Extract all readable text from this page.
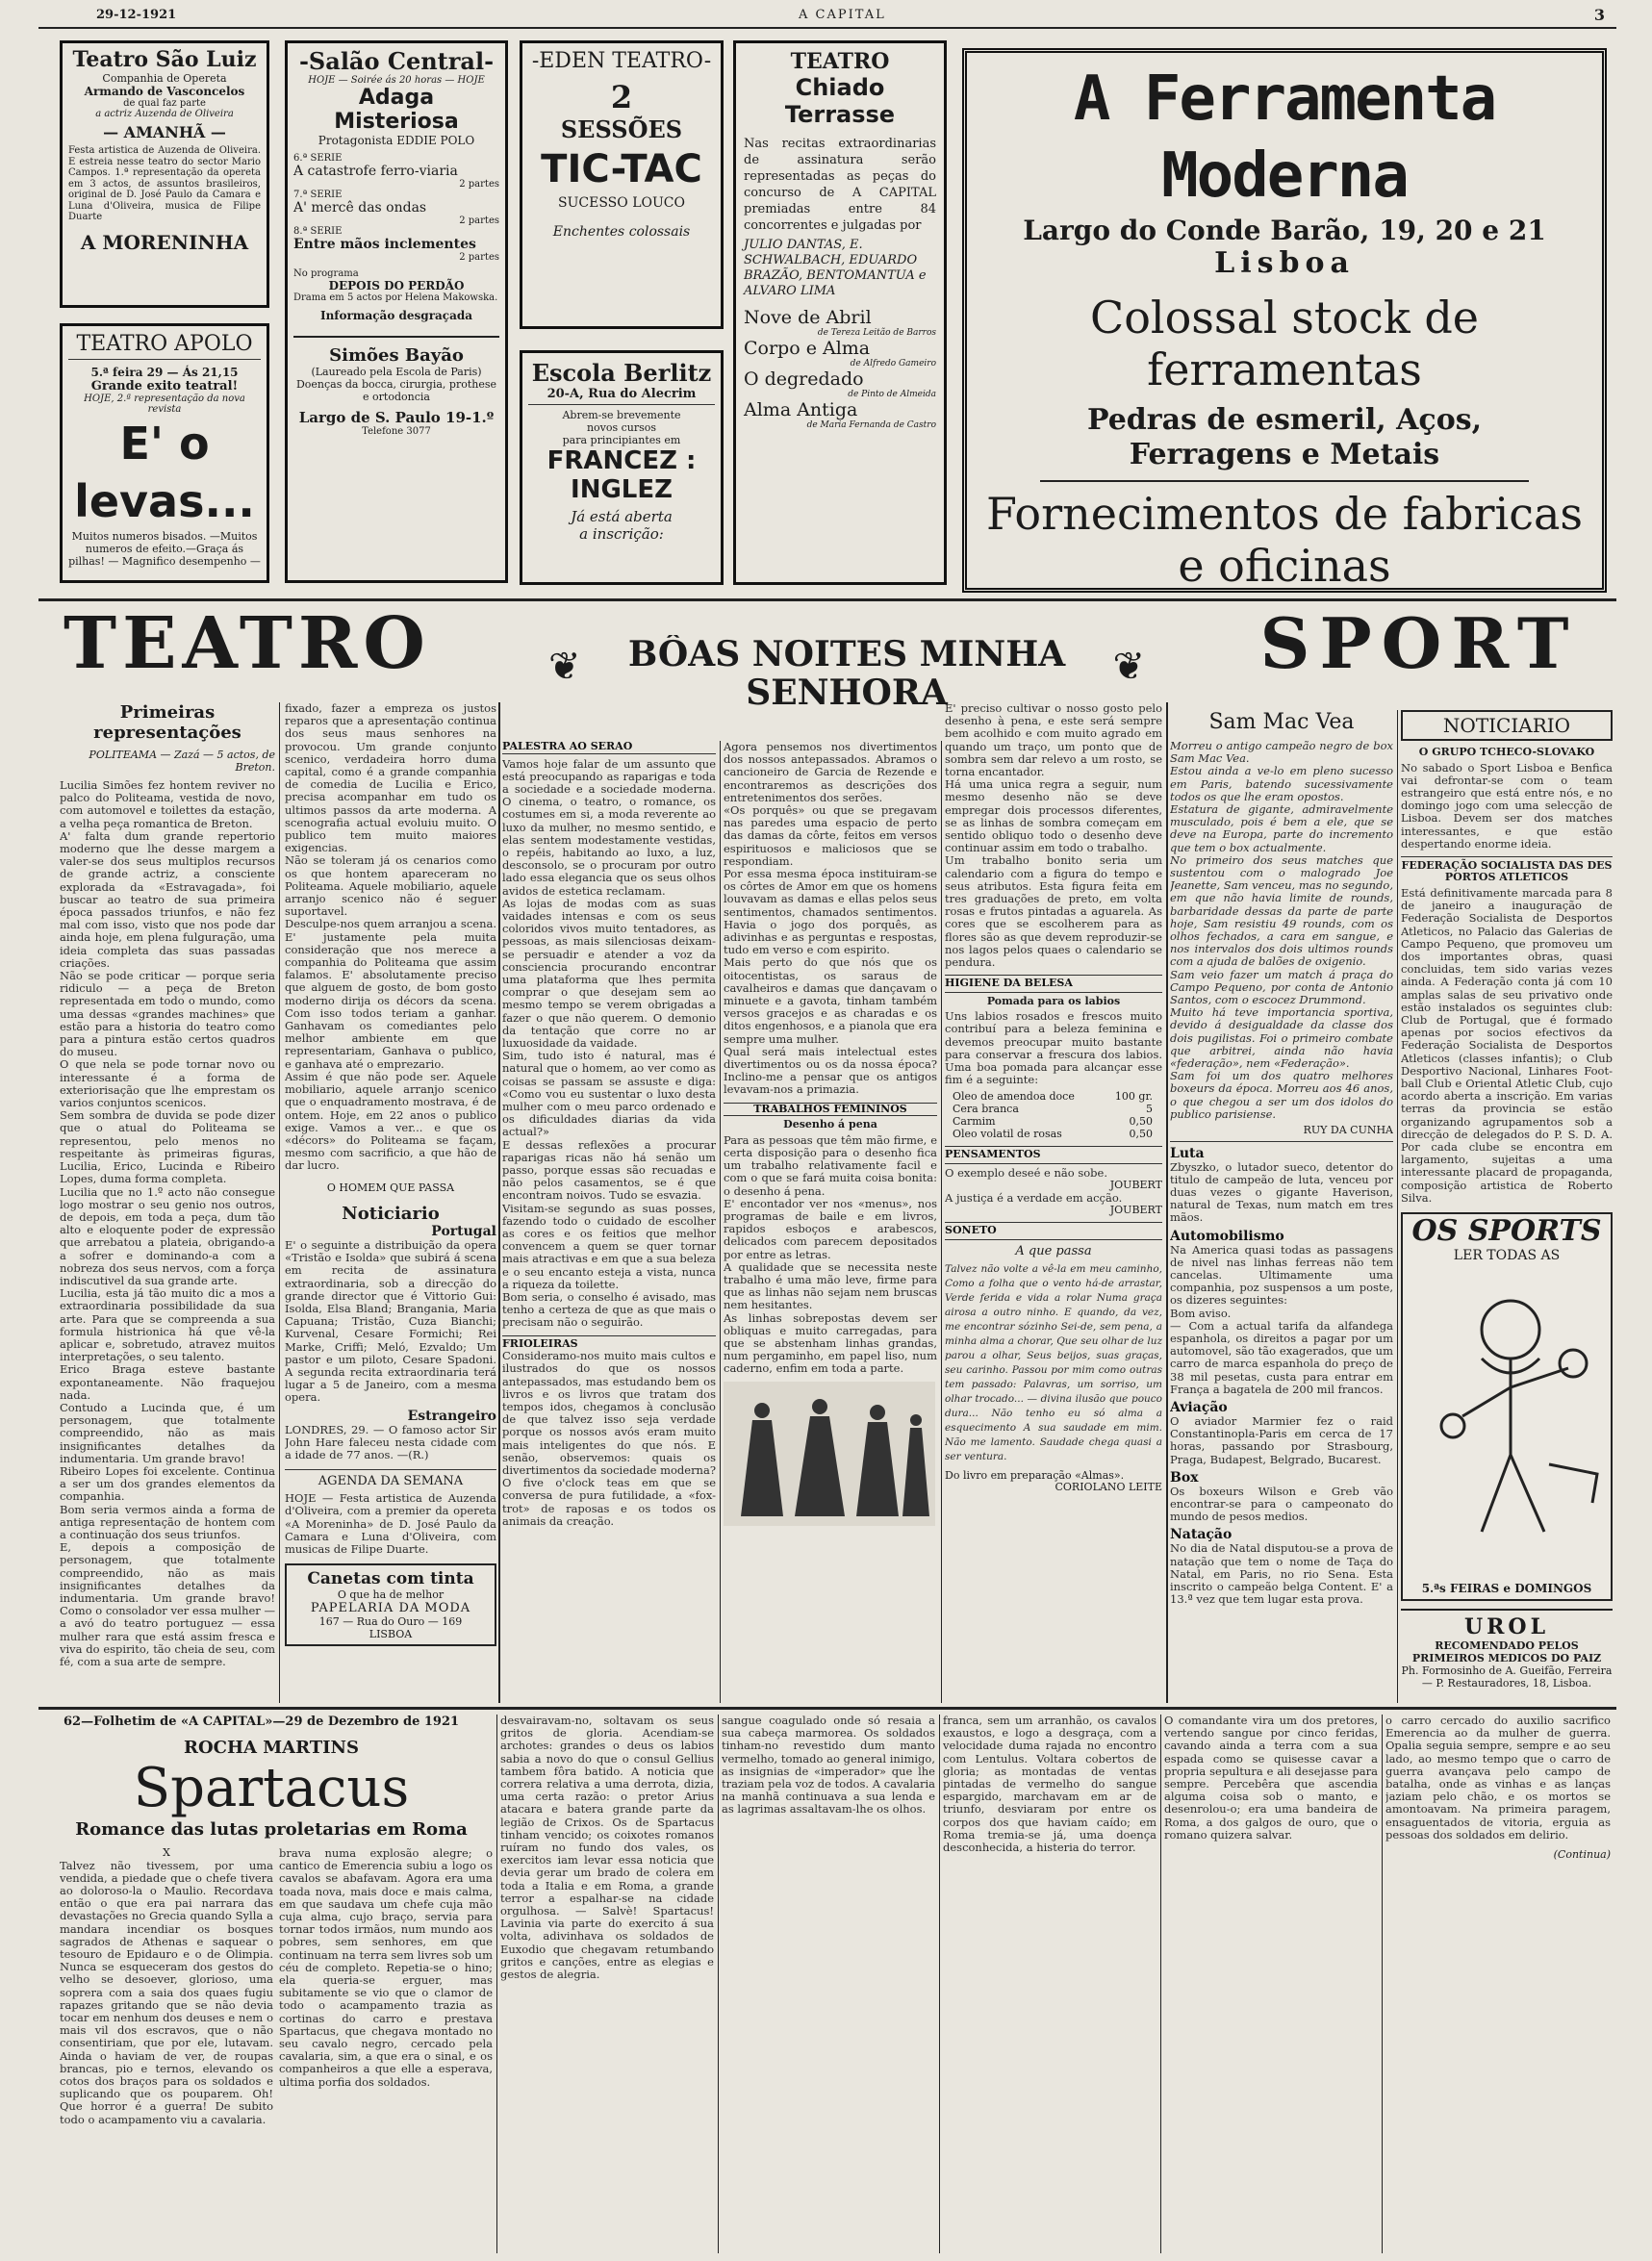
29-12-1921	A CAPITAL	3
Teatro São Luiz
Companhia de Opereta
Armando de Vasconcelos
de qual faz parte
a actriz Auzenda de Oliveira
— AMANHÃ —
Festa artistica de Auzenda de Oliveira. E estreia nesse teatro do sector Mario Campos. 1.ª representação da opereta em 3 actos, de assuntos brasileiros, original de D. José Paulo da Camara e Luna d'Oliveira, musica de Filipe Duarte
A MORENINHA
TEATRO APOLO
5.ª feira 29 — Ás 21,15
Grande exito teatral!
HOJE, 2.ª representação da nova revista
E' o levas...
Muitos numeros bisados. —Muitos numeros de efeito.—Graça ás pilhas! — Magnifico desempenho —
-Salão Central-
HOJE — Soirée ás 20 horas — HOJE
Adaga Misteriosa
Protagonista EDDIE POLO
6.ª SERIE
A catastrofe ferro-viaria
2 partes
7.ª SERIE
A' mercê das ondas
2 partes
8.ª SERIE
Entre mãos inclementes
2 partes
No programa
DEPOIS DO PERDÃO
Drama em 5 actos por Helena Makowska.
Informação desgraçada
Simões Bayão
(Laureado pela Escola de Paris)
Doenças da bocca, cirurgia, prothese e ortodoncia
Largo de S. Paulo 19-1.º
Telefone 3077
-EDEN TEATRO-
2
SESSÕES
TIC-TAC
SUCESSO LOUCO
Enchentes colossais
Escola Berlitz
20-A, Rua do Alecrim
Abrem-se brevemente
novos cursos
para principiantes em
FRANCEZ :
INGLEZ
Já está aberta
a inscrição:
TEATRO
Chiado Terrasse
Nas recitas extraordinarias de assinatura serão representadas as peças do concurso de A CAPITAL premiadas entre 84 concorrentes e julgadas por
JULIO DANTAS, E. SCHWALBACH, EDUARDO BRAZÃO, BENTOMANTUA e ALVARO LIMA
Nove de Abril
de Tereza Leitão de Barros
Corpo e Alma
de Alfredo Gameiro
O degredado
de Pinto de Almeida
Alma Antiga
de Maria Fernanda de Castro
A Ferramenta Moderna
Largo do Conde Barão, 19, 20 e 21
Lisboa
Colossal stock de ferramentas
Pedras de esmeril, Aços, Ferragens e Metais
Fornecimentos de fabricas e oficinas
TEATRO	❦	BÔAS NOITES MINHA SENHORA
❦	SPORT
Primeiras representações
POLITEAMA — Zazá — 5 actos, de Breton.

Lucilia Simões fez hontem reviver no palco do Politeama, vestida de novo, com automovel e toilettes da estação, a velha peça romantica de Breton.

A' falta dum grande repertorio moderno que lhe desse margem a valer-se dos seus multiplos recursos de grande actriz, a consciente explorada da «Estravagada», foi buscar ao teatro de sua primeira época passados triunfos, e não fez mal com isso, visto que nos pode dar ainda hoje, em plena fulguração, uma ideia completa das suas passadas criações.

Não se pode criticar — porque seria ridiculo — a peça de Breton representada em todo o mundo, como uma dessas «grandes machines» que estão para a historia do teatro como para a pintura estão certos quadros do museu.

O que nela se pode tornar novo ou interessante é a forma de exteriorisação que lhe emprestam os varios conjuntos scenicos.

Sem sombra de duvida se pode dizer que o atual do Politeama se representou, pelo menos no respeitante às primeiras figuras, Lucilia, Erico, Lucinda e Ribeiro Lopes, duma forma completa.

Lucilia que no 1.º acto não consegue logo mostrar o seu genio nos outros, de depois, em toda a peça, dum tão alto e eloquente poder de expressão que arrebatou a plateia, obrigando-a a sofrer e dominando-a com a nobreza dos seus nervos, com a força indiscutivel da sua grande arte.

Lucilia, esta já tão muito dic a mos a extraordinaria possibilidade da sua arte. Para que se compreenda a sua formula histrionica há que vê-la aplicar e, sobretudo, atravez muitos interpretações, o seu talento.

Erico Braga esteve bastante expontaneamente. Não fraquejou nada.

Contudo a Lucinda que, é um personagem, que totalmente compreendido, não as mais insignificantes detalhes da indumentaria. Um grande bravo!

Ribeiro Lopes foi excelente. Continua a ser um dos grandes elementos da companhia.

Bom seria vermos ainda a forma de antiga representação de hontem com a continuação dos seus triunfos.

E, depois a composição de personagem, que totalmente compreendido, não as mais insignificantes detalhes da indumentaria. Um grande bravo! Como o consolador ver essa mulher — a avó do teatro portuguez — essa mulher rara que está assim fresca e viva do espirito, tão cheia de seu, com fé, com a sua arte de sempre.

fixado, fazer a empreza os justos reparos que a apresentação continua dos seus maus senhores na provocou. Um grande conjunto scenico, verdadeira horro duma capital, como é a grande companhia de comedia de Lucilia e Erico, precisa acompanhar em tudo os ultimos passos da arte moderna. A scenografia actual evoluiu muito. O publico tem muito maiores exigencias.

Não se toleram já os cenarios como os que hontem apareceram no Politeama. Aquele mobiliario, aquele arranjo scenico não é seguer suportavel.

Desculpe-nos quem arranjou a scena. E' justamente pela muita consideração que nos merece a companhia do Politeama que assim falamos. E' absolutamente preciso que alguem de gosto, de bom gosto moderno dirija os décors da scena. Com isso todos teriam a ganhar. Ganhavam os comediantes pelo melhor ambiente em que representariam, Ganhava o publico, e ganhava até o emprezario.

Assim é que não pode ser. Aquele mobiliario, aquele arranjo scenico que o enquadramento mostrava, é de ontem. Hoje, em 22 anos o publico exige. Vamos a ver... e que os «décors» do Politeama se façam, mesmo com sacrificio, a que hão de dar lucro.

O HOMEM QUE PASSA
Noticiario
Portugal

E' o seguinte a distribuição da opera «Tristão e Isolda» que subirá á scena em recita de assinatura extraordinaria, sob a direcção do grande director que é Vittorio Gui: Isolda, Elsa Bland; Brangania, Maria Capuana; Tristão, Cuza Bianchi; Kurvenal, Cesare Formichi; Rei Marke, Criffi; Meló, Ezvaldo; Um pastor e um piloto, Cesare Spadoni. A segunda recita extraordinaria terá lugar a 5 de Janeiro, com a mesma opera.

Estrangeiro

LONDRES, 29. — O famoso actor Sir John Hare faleceu nesta cidade com a idade de 77 anos. —(R.)

AGENDA DA SEMANA

HOJE — Festa artistica de Auzenda d'Oliveira, com a premier da opereta «A Moreninha» de D. José Paulo da Camara e Luna d'Oliveira, com musicas de Filipe Duarte.

Canetas com tinta
O que ha de melhor
PAPELARIA DA MODA
167 — Rua do Ouro — 169
LISBOA
PALESTRA AO SERÃO

Vamos hoje falar de um assunto que está preocupando as raparigas e toda a sociedade e a sociedade moderna. O cinema, o teatro, o romance, os costumes em si, a moda reverente ao luxo da mulher, no mesmo sentido, e elas sentem modestamente vestidas, o repéis, habitando ao luxo, a luz, desconsolo, se o procuram por outro lado essa elegancia que os seus olhos avidos de estetica reclamam.

As lojas de modas com as suas vaidades intensas e com os seus coloridos vivos muito tentadores, as pessoas, as mais silenciosas deixam-se persuadir e atender a voz da consciencia procurando encontrar uma plataforma que lhes permita comprar o que desejam sem ao mesmo tempo se verem obrigadas a fazer o que não querem. O demonio da tentação que corre no ar luxuosidade da vaidade.

Sim, tudo isto é natural, mas é natural que o homem, ao ver como as coisas se passam se assuste e diga: «Como vou eu sustentar o luxo desta mulher com o meu parco ordenado e os dificuldades diarias da vida actual?»

E dessas reflexões a procurar raparigas ricas não há senão um passo, porque essas são recuadas e não pelos casamentos, se é que encontram noivos. Tudo se esvazia.

Visitam-se segundo as suas posses, fazendo todo o cuidado de escolher as cores e os feitios que melhor convencem a quem se quer tornar mais atractivas e em que a sua beleza e o seu encanto esteja a vista, nunca a riqueza da toilette.

Bom seria, o conselho é avisado, mas tenho a certeza de que as que mais o precisam não o seguirão.

FRIOLEIRAS

Consideramo-nos muito mais cultos e ilustrados do que os nossos antepassados, mas estudando bem os livros e os livros que tratam dos tempos idos, chegamos à conclusão de que talvez isso seja verdade porque os nossos avós eram muito mais inteligentes do que nós. E senão, observemos: quais os divertimentos da sociedade moderna? O five o'clock teas em que se conversa de pura futilidade, a «fox-trot» de raposas e os todos os animais da creação.

Agora pensemos nos divertimentos dos nossos antepassados. Abramos o cancioneiro de Garcia de Rezende e encontraremos as descrições dos entretenimentos dos serões.

«Os porquês» ou que se pregavam nas paredes uma espacio de perto das damas da côrte, feitos em versos espirituosos e maliciosos que se respondiam.

Por essa mesma época instituiram-se os côrtes de Amor em que os homens louvavam as damas e ellas pelos seus sentimentos, chamados sentimentos. Havia o jogo dos porquês, as adivinhas e as perguntas e respostas, tudo em verso e com espirito.

Mais perto do que nós que os oitocentistas, os saraus de cavalheiros e damas que dançavam o minuete e a gavota, tinham também versos gracejos e as charadas e os ditos engenhosos, e a pianola que era sempre uma mulher.

Qual será mais intelectual estes divertimentos ou os da nossa época? Inclino-me a pensar que os antigos levavam-nos a primazia.

TRABALHOS FEMININOS
Desenho á pena

Para as pessoas que têm mão firme, e certa disposição para o desenho fica um trabalho relativamente facil e com o que se fará muita coisa bonita: o desenho á pena.

E' encontador ver nos «menus», nos programas de baile e em livros, rapidos esboços e arabescos, delicados com parecem depositados por entre as letras.

A qualidade que se necessita neste trabalho é uma mão leve, firme para que as linhas não sejam nem bruscas nem hesitantes.

As linhas sobrepostas devem ser obliquas e muito carregadas, para que se abstenham linhas grandas, num pergaminho, em papel liso, num caderno, enfim em toda a parte.

E' preciso cultivar o nosso gosto pelo desenho à pena, e este será sempre bem acolhido e com muito agrado em quando um traço, um ponto que de sombra sem dar relevo a um rosto, se torna encantador.

Há uma unica regra a seguir, num mesmo desenho não se deve empregar dois processos diferentes, se as linhas de sombra começam em sentido obliquo todo o desenho deve continuar assim em todo o trabalho.

Um trabalho bonito seria um calendario com a figura do tempo e seus atributos. Esta figura feita em tres graduações de preto, em volta rosas e frutos pintadas a aguarela. As cores que se escolherem para as flores são as que devem reproduzir-se nos lagos pelos quaes o calendario se pendura.

HIGIENE DA BELESA
Pomada para os labios

Uns labios rosados e frescos muito contribuí para a beleza feminina e devemos preocupar muito bastante para conservar a frescura dos labios. Uma boa pomada para alcançar esse fim é a seguinte:

Oleo de amendoa doce	100 gr.
Cera branca	5
Carmim	0,50
Oleo volatil de rosas	0,50
PENSAMENTOS

O exemplo deseé e não sobe.

JOUBERT

A justiça é a verdade em acção.

JOUBERT
SONETO
A que passa

Talvez não volte a vê-la em meu caminho, Como a folha que o vento há-de arrastar, Verde ferida e vida a rolar Numa graça airosa a outro ninho. E quando, da vez, me encontrar sózinho Sei-de, sem pena, a minha alma a chorar, Que seu olhar de luz parou a olhar, Seus beijos, suas graças, seu carinho. Passou por mim como outras tem passado: Palavras, um sorriso, um olhar trocado... — divina ilusão que pouco dura... Não tenho eu só alma a esquecimento A sua saudade em mim. Não me lamento. Saudade chega quasi a ser ventura.

Do livro em preparação «Almas».
CORIOLANO LEITE
Sam Mac Vea

Morreu o antigo campeão negro de box Sam Mac Vea.

Estou ainda a ve-lo em pleno sucesso em Paris, batendo sucessivamente todos os que lhe eram opostos.

Estatura de gigante, admiravelmente musculado, pois é bem a ele, que se deve na Europa, parte do incremento que tem o box actualmente.

No primeiro dos seus matches que sustentou com o malogrado Joe Jeanette, Sam venceu, mas no segundo, em que não havia limite de rounds, barbaridade dessas da parte de parte hoje, Sam resistiu 49 rounds, com os olhos fechados, a cara em sangue, e nos intervalos dos dois ultimos rounds com a ajuda de balões de oxigenio.

Sam veio fazer um match á praça do Campo Pequeno, por conta de Antonio Santos, com o escocez Drummond.

Muito há teve importancia sportiva, devido á desigualdade da classe dos dois pugilistas. Foi o primeiro combate que arbitrei, ainda não havia «federação», nem «Federação».

Sam foi um dos quatro melhores boxeurs da época. Morreu aos 46 anos, o que chegou a ser um dos idolos do publico parisiense.

RUY DA CUNHA
Luta

Zbyszko, o lutador sueco, detentor do titulo de campeão de luta, venceu por duas vezes o gigante Haverison, natural de Texas, num match em tres mãos.

Automobilismo

Na America quasi todas as passagens de nivel nas linhas ferreas não tem cancelas. Ultimamente uma companhia, poz suspensos a um poste, os dizeres seguintes:

Bom aviso.

— Com a actual tarifa da alfandega espanhola, os direitos a pagar por um automovel, são tão exagerados, que um carro de marca espanhola do preço de 38 mil pesetas, custa para entrar em França a bagatela de 200 mil francos.

Aviação

O aviador Marmier fez o raid Constantinopla-Paris em cerca de 17 horas, passando por Strasbourg, Praga, Budapest, Belgrado, Bucarest.

Box

Os boxeurs Wilson e Greb vão encontrar-se para o campeonato do mundo de pesos medios.

Natação

No dia de Natal disputou-se a prova de natação que tem o nome de Taça do Natal, em Paris, no rio Sena. Esta inscrito o campeão belga Content. E' a 13.ª vez que tem lugar esta prova.

NOTICIARIO
O GRUPO TCHECO-SLOVAKO

No sabado o Sport Lisboa e Benfica vai defrontar-se com o team estrangeiro que está entre nós, e no domingo jogo com uma selecção de Lisboa. Devem ser dos matches interessantes, e que estão despertando enorme ideia.

FEDERAÇÃO SOCIALISTA DAS DES PORTOS ATLETICOS

Está definitivamente marcada para 8 de janeiro a inauguração de Federação Socialista de Desportos Atleticos, no Palacio das Galerias de Campo Pequeno, que promoveu um dos importantes obras, quasi concluidas, tem sido varias vezes ainda. A Federação conta já com 10 amplas salas de seu privativo onde estão instalados os seguintes club: Club de Portugal, que é formado apenas por socios efectivos da Federação Socialista de Desportos Atleticos (classes infantis); o Club Desportivo Nacional, Linhares Foot-ball Club e Oriental Atletic Club, cujo acordo aberta a inscrição. Em varias terras da provincia se estão organizando agrupamentos sob a direcção de delegados do P. S. D. A. Por cada clube se encontra em largamento, sujeitas a uma interessante placard de propaganda, composição artistica de Roberto Silva.

OS SPORTS
LER TODAS AS
5.ªs FEIRAS e DOMINGOS
UROL
RECOMENDADO PELOS PRIMEIROS MEDICOS DO PAIZ
Ph. Formosinho de A. Gueifão, Ferreira — P. Restauradores, 18, Lisboa.
62—Folhetim de «A CAPITAL»—29 de Dezembro de 1921
ROCHA MARTINS
Spartacus
Romance das lutas proletarias em Roma
X

Talvez não tivessem, por uma vendida, a piedade que o chefe tivera ao doloroso-la o Maulio. Recordava então o que era pai narrara das devastações no Grecia quando Sylla a mandara incendiar os bosques sagrados de Athenas e saquear o tesouro de Epidauro e o de Olimpia. Nunca se esqueceram dos gestos do velho se desoever, glorioso, uma soprera com a saia dos quaes fugiu rapazes gritando que se não devia tocar em nenhum dos deuses e nem o mais vil dos escravos, que o não consentiriam, que por ele, lutavam. Ainda o haviam de ver, de roupas brancas, pio e ternos, elevando os cotos dos braços para os soldados e suplicando que os pouparem. Oh! Que horror é a guerra! De subito todo o acampamento viu a cavalaria.

brava numa explosão alegre; o cantico de Emerencia subiu a logo os cavalos se abafavam. Agora era uma toada nova, mais doce e mais calma, em que saudava um chefe cuja mão cuja alma, cujo braço, servia para tornar todos irmãos, num mundo aos pobres, sem senhores, em que continuam na terra sem livres sob um céu de completo. Repetia-se o hino; ela queria-se erguer, mas subitamente se vio que o clamor de todo o acampamento trazia as cortinas do carro e prestava Spartacus, que chegava montado no seu cavalo negro, cercado pela cavalaria, sim, a que era o sinal, e os companheiros a que elle a esperava, ultima porfia dos soldados.

desvairavam-no, soltavam os seus gritos de gloria. Acendiam-se archotes: grandes o deus os labios sabia a novo do que o consul Gellius tambem fôra batido. A noticia que correra relativa a uma derrota, dizia, uma certa razão: o pretor Arius atacara e batera grande parte da legião de Crixos. Os de Spartacus tinham vencido; os coixotes romanos ruíram no fundo dos vales, os exercitos iam levar essa noticia que devia gerar um brado de colera em toda a Italia e em Roma, a grande terror a espalhar-se na cidade orgulhosa. — Salvè! Spartacus! Lavinia via parte do exercito á sua volta, adivinhava os soldados de Euxodio que chegavam retumbando gritos e canções, entre as elegias e gestos de alegria.

sangue coagulado onde só resaia a sua cabeça marmorea. Os soldados tinham-no revestido dum manto vermelho, tomado ao general inimigo, as insignias de «imperador» que lhe traziam pela voz de todos. A cavalaria na manhã continuava a sua lenda e as lagrimas assaltavam-lhe os olhos.

franca, sem um arranhão, os cavalos exaustos, e logo a desgraça, com a velocidade duma rajada no encontro com Lentulus. Voltara cobertos de gloria; as montadas de ventas pintadas de vermelho do sangue espargido, marchavam em ar de triunfo, desviaram por entre os corpos dos que haviam caído; em Roma tremia-se já, uma doença desconhecida, a histeria do terror.

O comandante vira um dos pretores, vertendo sangue por cinco feridas, cavando ainda a terra com a sua espada como se quisesse cavar a propria sepultura e ali desejasse para sempre. Percebêra que ascendia alguma coisa sob o manto, e desenrolou-o; era uma bandeira de Roma, a dos galgos de ouro, que o romano quizera salvar.

o carro cercado do auxilio sacrifico Emerencia ao da mulher de guerra. Opalia seguia sempre, sempre e ao seu lado, ao mesmo tempo que o carro de guerra avançava pelo campo de batalha, onde as vinhas e as lanças jaziam pelo chão, e os mortos se amontoavam. Na primeira paragem, ensaguentados de vitoria, erguia as pessoas dos soldados em delirio.

(Continua)
